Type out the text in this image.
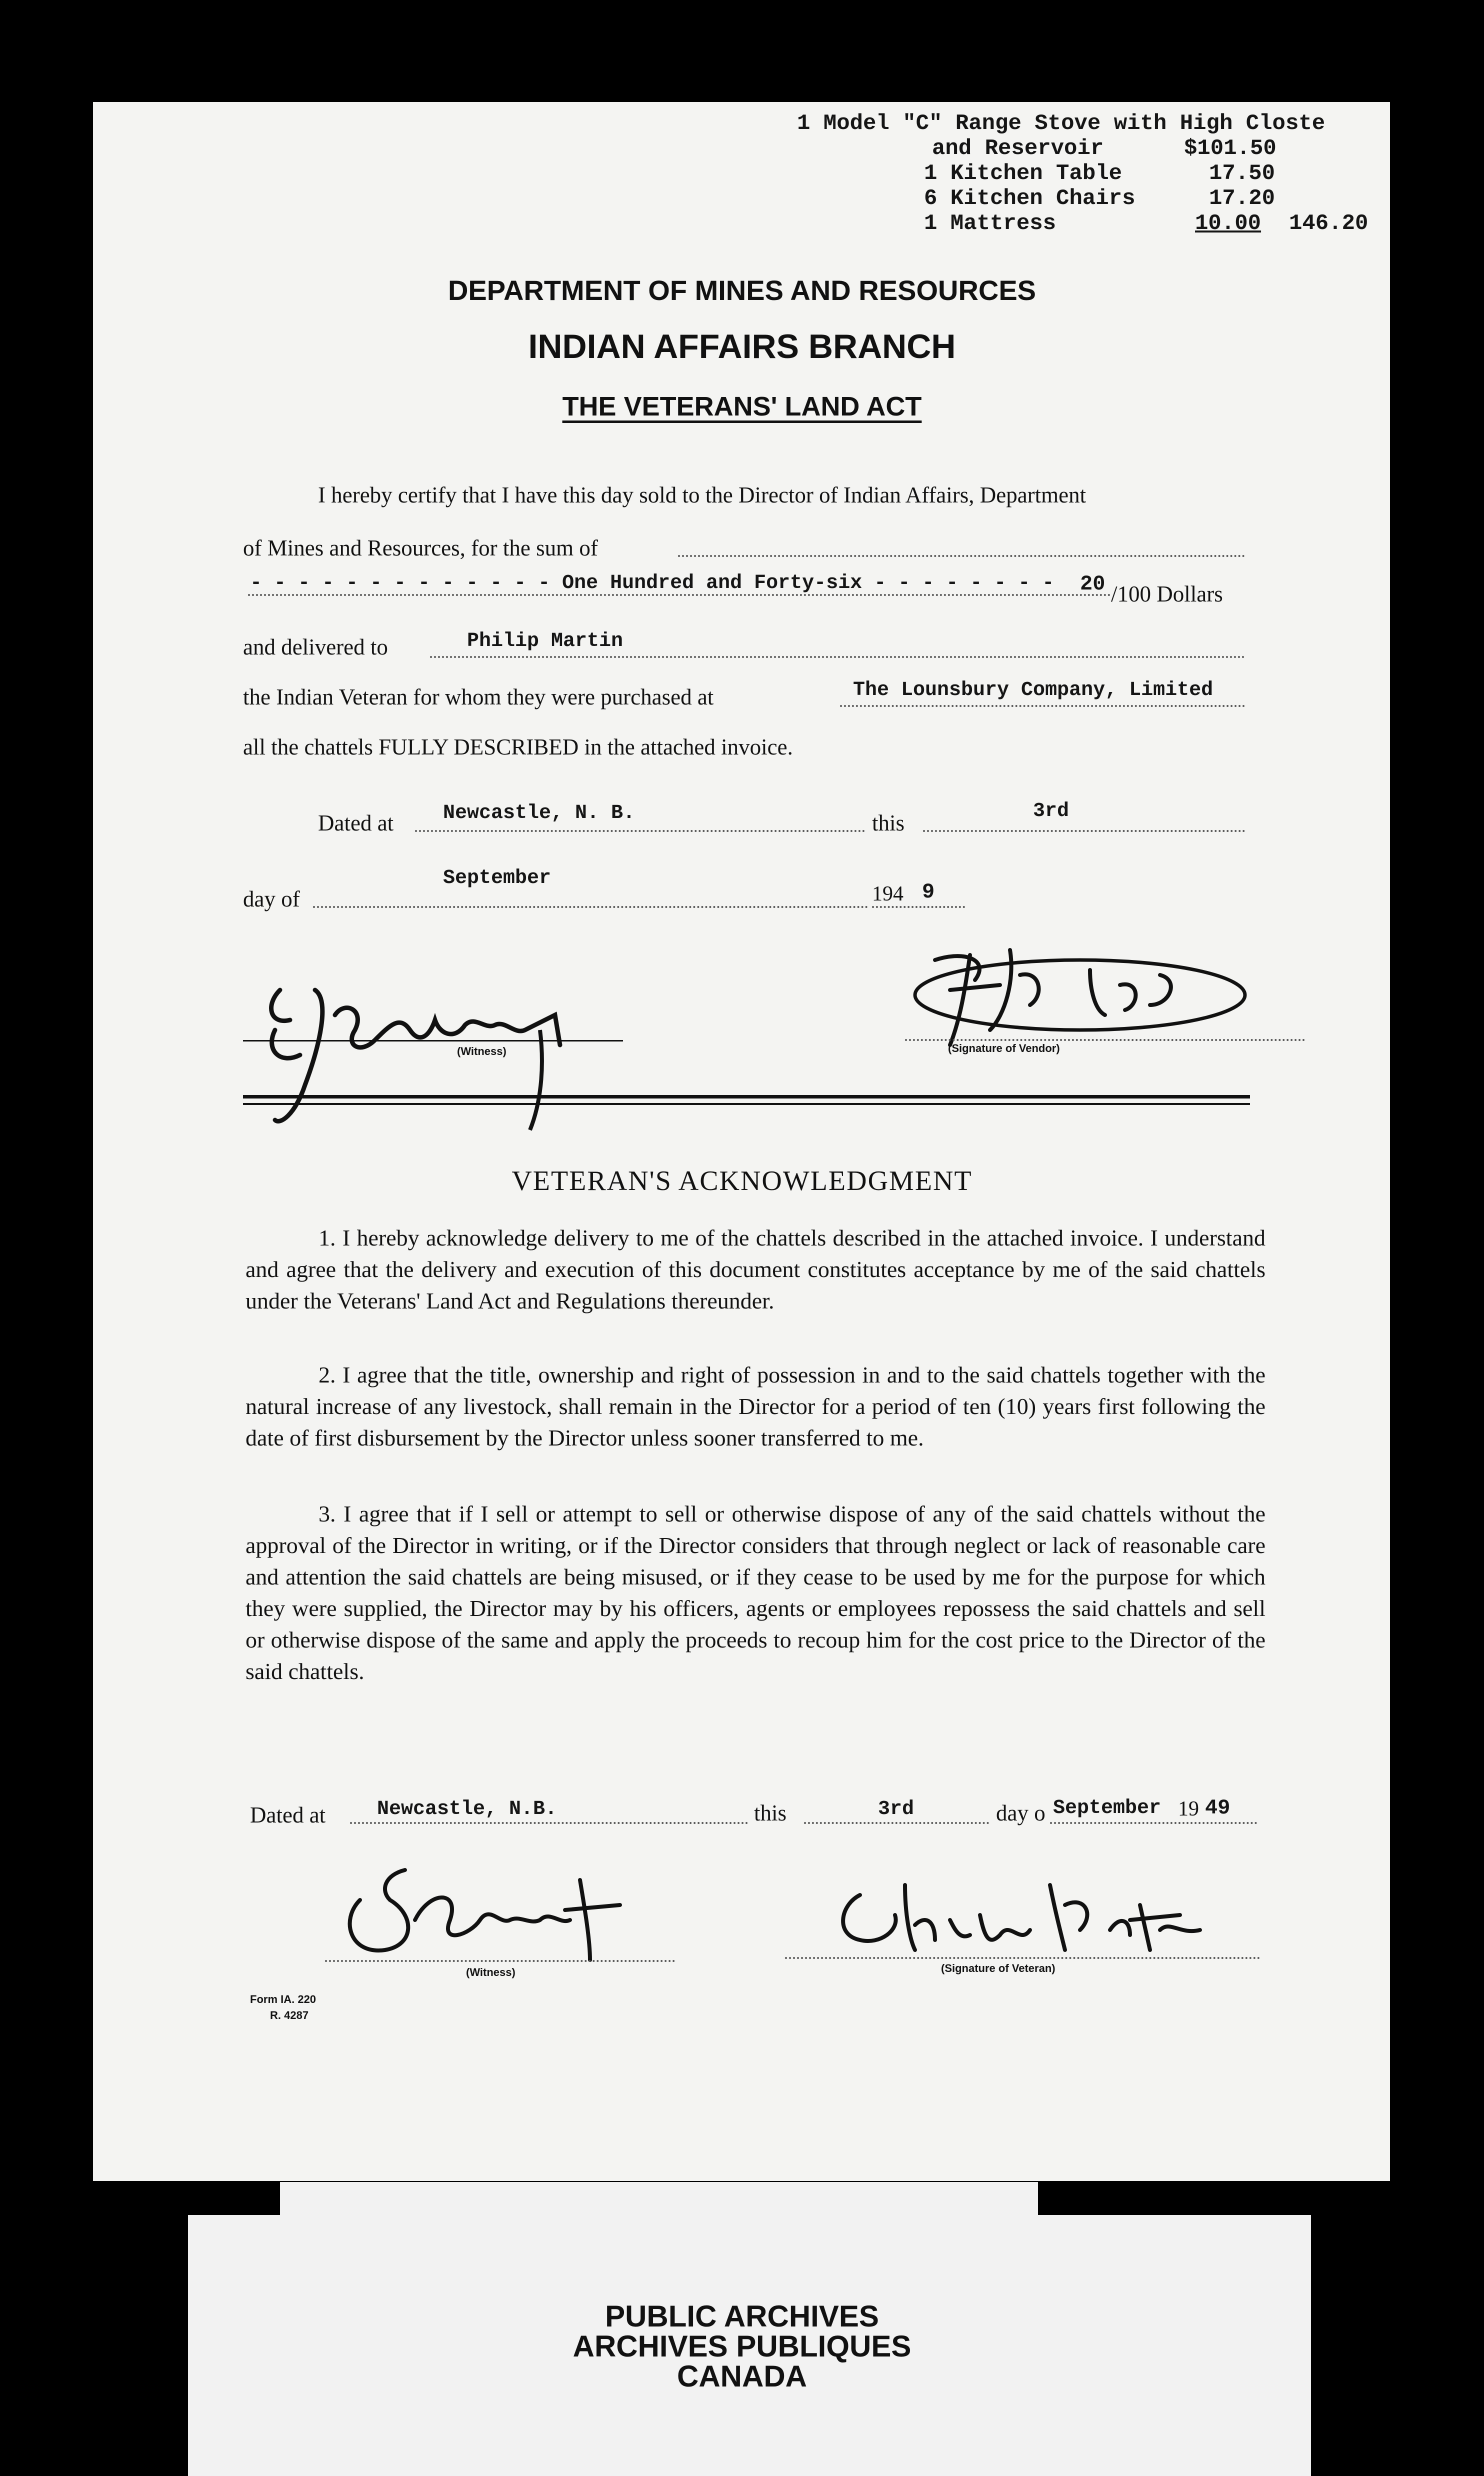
1 Model "C" Range Stove with High Closte
and Reservoir	$101.50
1 Kitchen Table	17.50
6 Kitchen Chairs	17.20
1 Mattress	10.00 146.20
DEPARTMENT OF MINES AND RESOURCES
INDIAN AFFAIRS BRANCH
THE VETERANS' LAND ACT
I hereby certify that I have this day sold to the Director of Indian Affairs, Department
of Mines and Resources, for the sum of
- - - - - - - - - - - - - One Hundred and Forty-six - - - - - - - - 20 /100 Dollars
and delivered to	Philip Martin
the Indian Veteran for whom they were purchased at	The Lounsbury Company, Limited
all the chattels FULLY DESCRIBED in the attached invoice.
Dated at Newcastle, N. B.	this	3rd
September
day of	194 9
(Witness)	(Signature of Vendor)
VETERAN'S ACKNOWLEDGMENT
1. I hereby acknowledge delivery to me of the chattels described in the attached invoice. I understand and agree that the delivery and execution of this document constitutes acceptance by me of the said chattels under the Veterans' Land Act and Regulations thereunder.
2. I agree that the title, ownership and right of possession in and to the said chattels together with the natural increase of any livestock, shall remain in the Director for a period of ten (10) years first following the date of first disbursement by the Director unless sooner transferred to me.
3. I agree that if I sell or attempt to sell or otherwise dispose of any of the said chattels without the approval of the Director in writing, or if the Director considers that through neglect or lack of reasonable care and attention the said chattels are being misused, or if they cease to be used by me for the purpose for which they were supplied, the Director may by his officers, agents or employees repossess the said chattels and sell or otherwise dispose of the same and apply the proceeds to recoup him for the cost price to the Director of the said chattels.
Dated at	Newcastle, N.B.	this	3rd	day o September 19 49
(Witness)	(Signature of Veteran)
Form IA. 220
R. 4287
PUBLIC ARCHIVES
ARCHIVES PUBLIQUES
CANADA
